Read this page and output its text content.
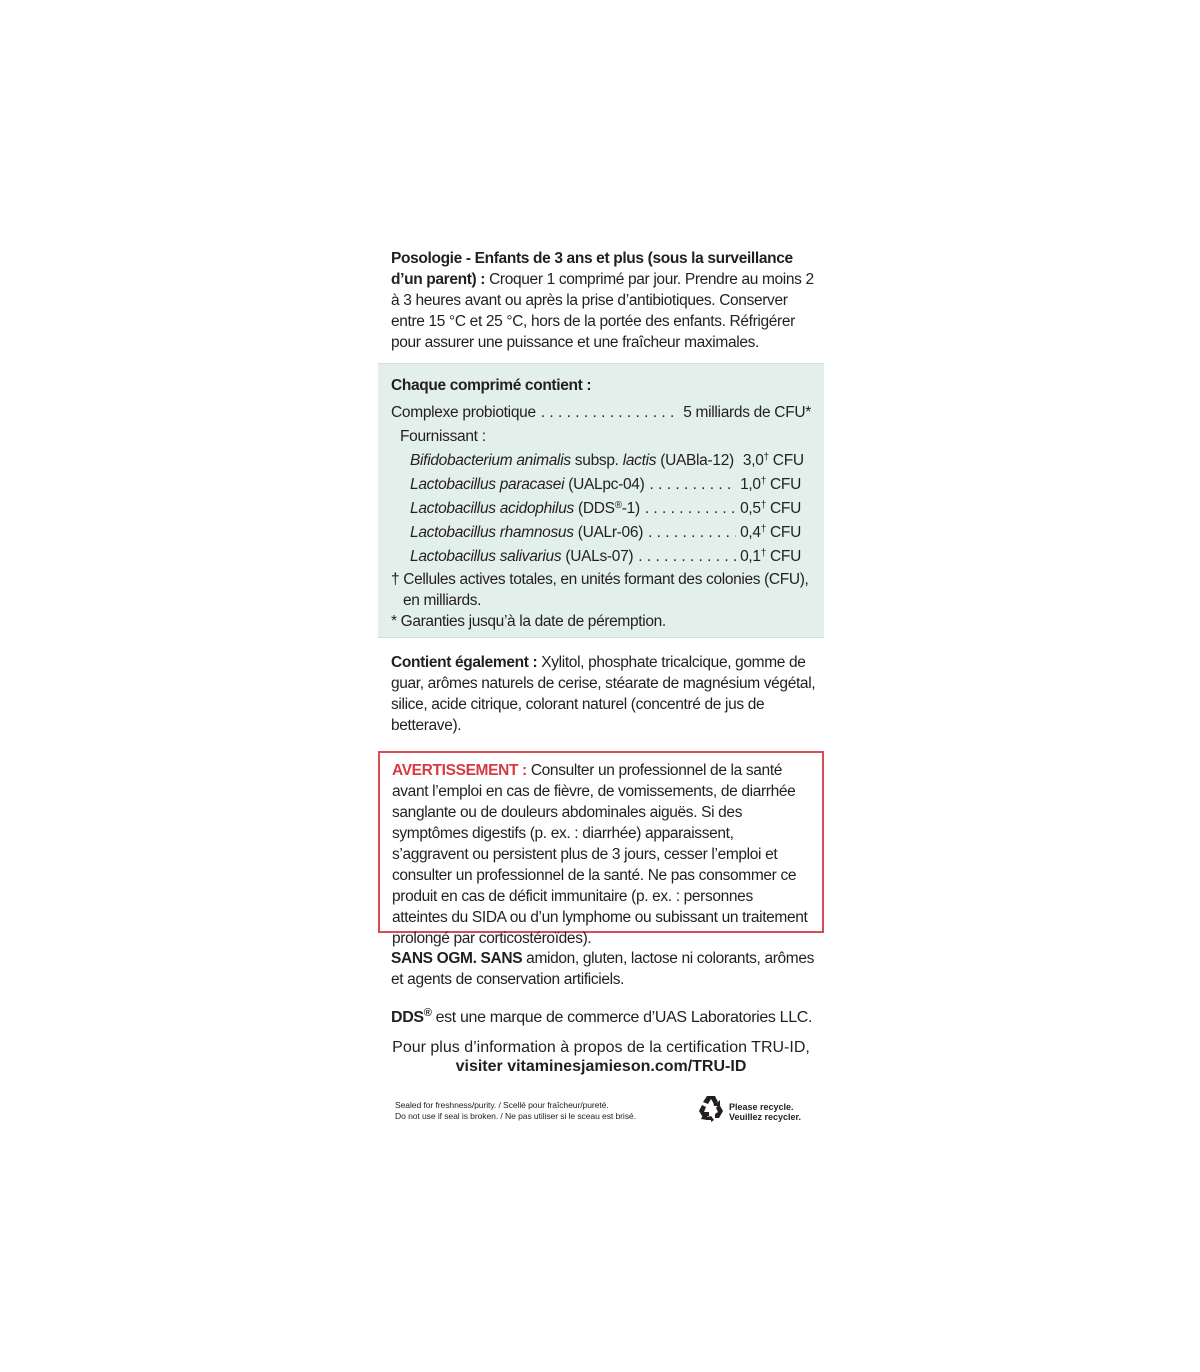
Posologie - Enfants de 3 ans et plus (sous la surveillance d’un parent) : Croquer 1 comprimé par jour. Prendre au moins 2 à 3 heures avant ou après la prise d’antibiotiques. Conserver entre 15 °C et 25 °C, hors de la portée des enfants. Réfrigérer pour assurer une puissance et une fraîcheur maximales.
Chaque comprimé contient :
Complexe probiotique . . .	5 milliards de CFU*
Fournissant :
Bifidobacterium animalis subsp. lactis (UABla-12) . . . 3,0† CFU
Lactobacillus paracasei (UALpc-04) . . .	1,0† CFU
Lactobacillus acidophilus (DDS®-1) . . .	0,5† CFU
Lactobacillus rhamnosus (UALr-06) . . .	0,4† CFU
Lactobacillus salivarius (UALs-07) . . .	0,1† CFU
† Cellules actives totales, en unités formant des colonies (CFU),
en milliards.
* Garanties jusqu’à la date de péremption.
Contient également : Xylitol, phosphate tricalcique, gomme de guar, arômes naturels de cerise, stéarate de magnésium végétal, silice, acide citrique, colorant naturel (concentré de jus de betterave).
AVERTISSEMENT : Consulter un professionnel de la santé avant l’emploi en cas de fièvre, de vomissements, de diarrhée sanglante ou de douleurs abdominales aiguës. Si des symptômes digestifs (p. ex. : diarrhée) apparaissent, s’aggravent ou persistent plus de 3 jours, cesser l’emploi et consulter un professionnel de la santé. Ne pas consommer ce produit en cas de déficit immunitaire (p. ex. : personnes atteintes du SIDA ou d’un lymphome ou subissant un traitement prolongé par corticostéroïdes).
SANS OGM. SANS amidon, gluten, lactose ni colorants, arômes et agents de conservation artificiels.
DDS® est une marque de commerce d’UAS Laboratories LLC.
Pour plus d’information à propos de la certification TRU-ID,
visiter vitaminesjamieson.com/TRU-ID
Sealed for freshness/purity. / Scellé pour fraîcheur/pureté.
Do not use if seal is broken. / Ne pas utiliser si le sceau est brisé.
Please recycle.
Veuillez recycler.
